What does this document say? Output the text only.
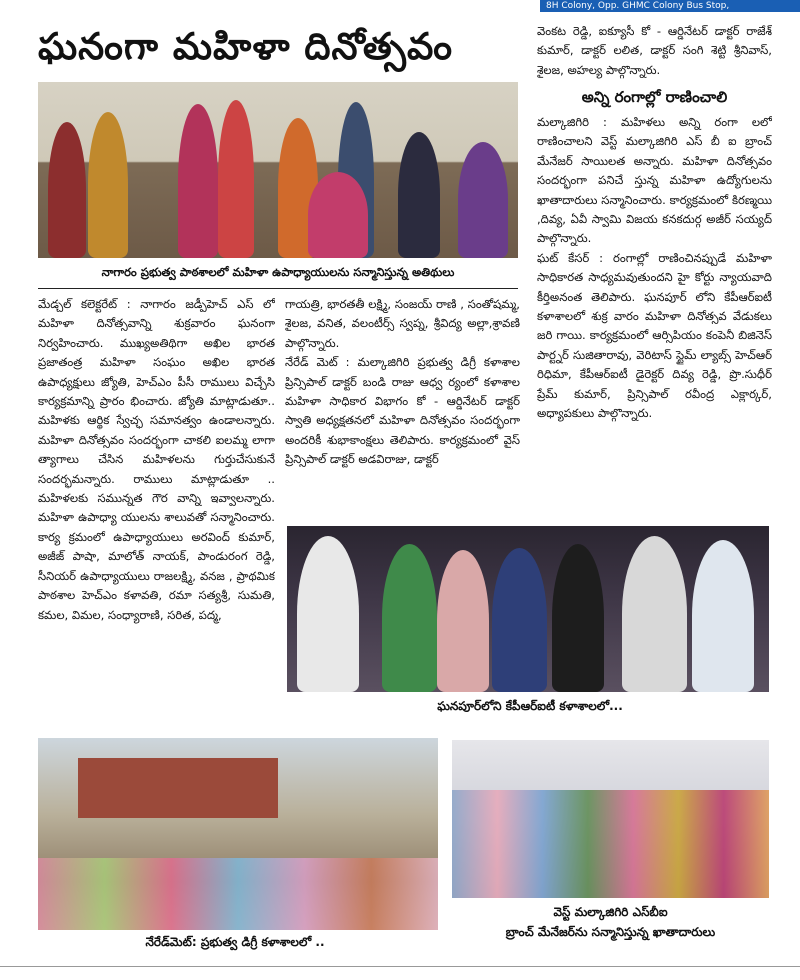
8H Colony, Opp. GHMC Colony Bus Stop,
ఘనంగా మహిళా దినోత్సవం
నాగారం ప్రభుత్వ పాఠశాలలో మహిళా ఉపాధ్యాయులను సన్మానిస్తున్న అతిథులు
వెంకట రెడ్డి, ఐక్యూసీ కో - ఆర్డినేటర్ డాక్టర్ రాజేశ్ కుమార్, డాక్టర్ లలిత, డాక్టర్ సంగి శెట్టి శ్రీనివాస్, శైలజ, అహల్య పాల్గొన్నారు.
అన్ని రంగాల్లో రాణించాలి
మల్కాజిగిరి : మహిళలు అన్ని రంగా లలో రాణించాలని వెస్ట్ మల్కాజిగిరి ఎస్ బీ ఐ బ్రాంచ్ మేనేజర్ సాయిలత అన్నారు. మహిళా దినోత్సవం సందర్భంగా పనిచే స్తున్న మహిళా ఉద్యోగులను ఖాతాదారులు సన్మానించారు. కార్యక్రమంలో కిరణ్మయి ,దివ్య, ఏవీ స్వామి విజయ కనకదుర్గ అజీర్ సయ్యద్ పాల్గొన్నారు.
ఘట్ కేసర్ : రంగాల్లో రాణించినప్పుడే మహిళా సాధికారత సాధ్యమవుతుందని హై కోర్టు న్యాయవాది కీర్తిఅనంత తెలిపారు. ఘనపూర్ లోని కేపీఆర్ఐటీ కళాశాలలో శుక్ర వారం మహిళా దినోత్సవ వేడుకలు జరి గాయి. కార్యక్రమంలో ఆర్సిపియం కంపెనీ బిజినెస్ పార్ట్నర్ సుజితారావు, వెరిటాస్ స్టైమ్ ల్యాబ్స్ హెచ్ఆర్ రిధిమా, కేపీఆర్ఐటీ డైరెక్టర్ దివ్య రెడ్డి, ప్రొ.సుధీర్ ప్రేమ్ కుమార్, ప్రిన్సిపాల్ రవీంద్ర ఎక్లార్కర్, అధ్యాపకులు పాల్గొన్నారు.
మేడ్చల్ కలెక్టరేట్ : నాగారం జడ్పీహెచ్ ఎస్ లో మహిళా దినోత్సవాన్ని శుక్రవారం ఘనంగా నిర్వహించారు. ముఖ్యఅతిథిగా అఖిల భారత ప్రజాతంత్ర మహిళా సంఘం అఖిల భారత ఉపాధ్యక్షులు జ్యోతి, హెచ్ఎం పీసీ రాములు విచ్చేసి కార్యక్రమాన్ని ప్రారం భించారు. జ్యోతి మాట్లాడుతూ.. మహిళకు ఆర్థిక స్వేచ్ఛ సమానత్వం ఉండాలన్నారు. మహిళా దినోత్సవం సందర్భంగా చాకలి ఐలమ్మ లాగా త్యాగాలు చేసిన మహిళలను గుర్తుచేసుకునే సందర్భమన్నారు. రాములు మాట్లాడుతూ .. మహిళలకు సమున్నత గౌర వాన్ని ఇవ్వాలన్నారు. మహిళా ఉపాధ్యా యులను శాలువతో సన్మానించారు. కార్య క్రమంలో ఉపాధ్యాయులు అరవింద్ కుమార్, అజీజ్ పాషా, మాలోత్ నాయక్, పాండురంగ రెడ్డి, సీనియర్ ఉపాధ్యాయులు రాజలక్ష్మి, వనజ , ప్రాథమిక పాఠశాల హెచ్ఎం కళావతి, రమా సత్యశ్రీ, సుమతి, కమల, విమల, సంధ్యారాణి, సరిత, పద్మ,
గాయత్రి, భారతతీ లక్ష్మి, సంజయ్ రాణి , సంతోషమ్మ, శైలజ, వనిత, వలంటీర్స్ స్వప్న, శ్రీవిద్య అల్లా,శ్రావణి పాల్గొన్నారు.
నేరేడ్ మెట్ : మల్కాజిగిరి ప్రభుత్వ డిగ్రీ కళాశాల ప్రిన్సిపాల్ డాక్టర్ బండి రాజు ఆధ్వ ర్యంలో కళాశాల మహిళా సాధికార విభాగం కో - ఆర్డినేటర్ డాక్టర్ స్వాతి అధ్యక్షతనలో మహిళా దినోత్సవం సందర్భంగా అందరికీ శుభాకాంక్షలు తెలిపారు. కార్యక్రమంలో వైస్ ప్రిన్సిపాల్ డాక్టర్ అడవిరాజు, డాక్టర్
ఘనపూర్‌లోని కేపీఆర్ఐటీ కళాశాలలో...
నేరేడ్‌మెట్: ప్రభుత్వ డిగ్రీ కళాశాలలో ..
వెస్ట్ మల్కాజిగిరి ఎస్‌బీఐ
బ్రాంచ్ మేనేజర్‌ను సన్మానిస్తున్న ఖాతాదారులు
